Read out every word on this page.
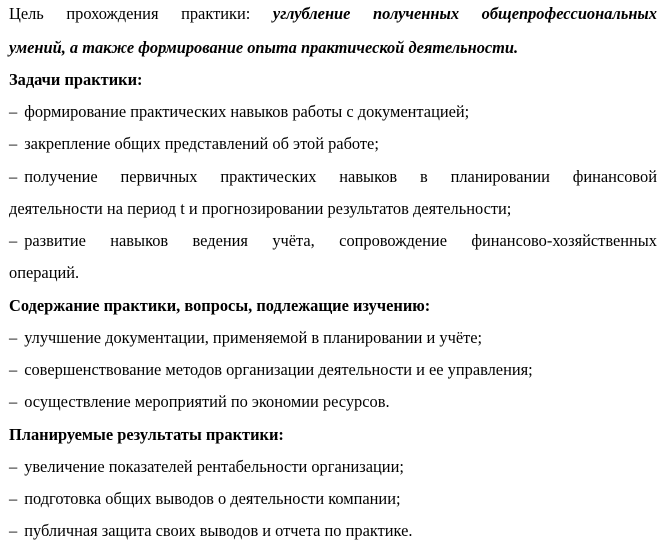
Цель прохождения практики: углубление полученных общепрофессиональных
умений, а также формирование опыта практической деятельности.
Задачи практики:
– формирование практических навыков работы с документацией;
– закрепление общих представлений об этой работе;
– получение первичных практических навыков в планировании финансовой
деятельности на период t и прогнозировании результатов деятельности;
– развитие навыков ведения учёта, сопровождение финансово-хозяйственных
операций.
Содержание практики, вопросы, подлежащие изучению:
– улучшение документации, применяемой в планировании и учёте;
– совершенствование методов организации деятельности и ее управления;
– осуществление мероприятий по экономии ресурсов.
Планируемые результаты практики:
– увеличение показателей рентабельности организации;
– подготовка общих выводов о деятельности компании;
– публичная защита своих выводов и отчета по практике.
